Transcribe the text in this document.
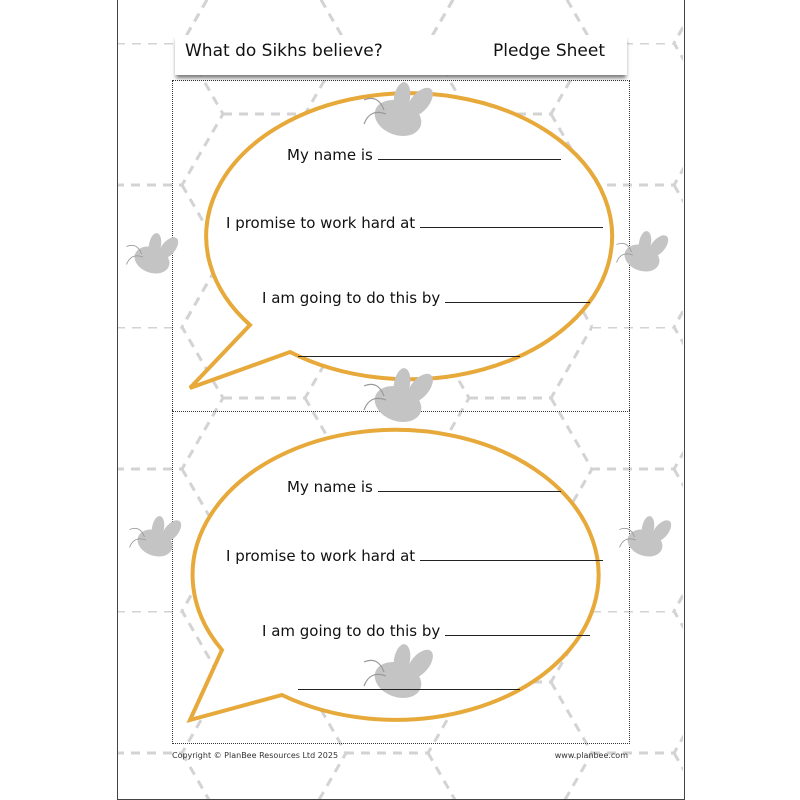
What do Sikhs believe?	Pledge Sheet
My name is
I promise to work hard at
I am going to do this by
My name is
I promise to work hard at
I am going to do this by
Copyright © PlanBee Resources Ltd 2025	www.planbee.com
